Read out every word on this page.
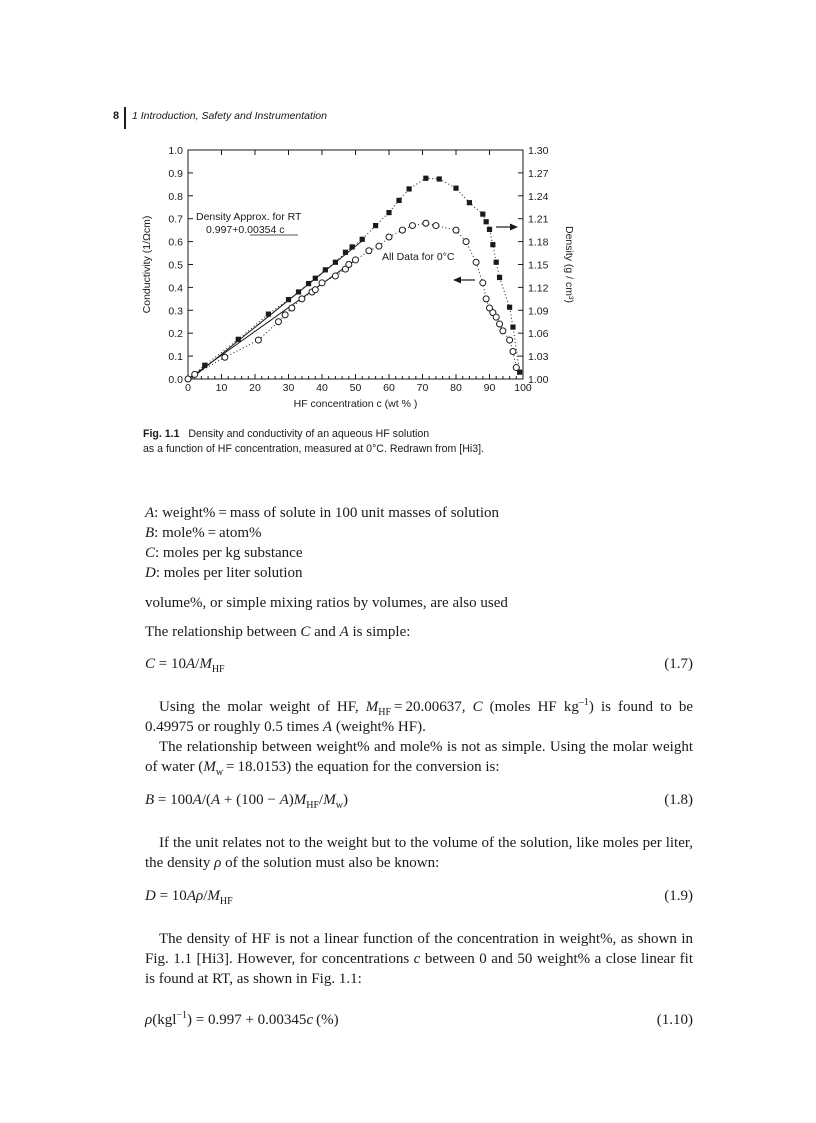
8 1 Introduction, Safety and Instrumentation
0 10 20 30 40 50 60 70 80 90 100
0.0
0.1
0.2
0.3
0.4
0.5
0.6
0.7
0.8
0.9
1.0
1.00
1.03
1.06
1.09
1.12
1.15
1.18
1.21
1.24
1.27
1.30
HF concentration c (wt % )
Conductivity (1/Ωcm)	Density (g / cm³)
Density Approx. for RT
0.997+0.00354 c
All Data for 0°C
Fig. 1.1 Density and conductivity of an aqueous HF solution
as a function of HF concentration, measured at 0°C. Redrawn from [Hi3].
A: weight% = mass of solute in 100 unit masses of solution
B: mole% = atom%
C: moles per kg substance
D: moles per liter solution
volume%, or simple mixing ratios by volumes, are also used
The relationship between C and A is simple:
$C = 10A/M_{HF}$	(1.7)
Using the molar weight of HF, $M_{HF} = 20.00637$, C (moles HF $kg^{-1}$) is found to be 0.49975 or roughly 0.5 times A (weight% HF).
The relationship between weight% and mole% is not as simple. Using the molar weight of water $(M_w = 18.0153)$ the equation for the conversion is:
$B = 100A/(A + (100 - A)M_{HF}/M_w)$	(1.8)
If the unit relates not to the weight but to the volume of the solution, like moles per liter, the density ρ of the solution must also be known:
$D = 10A\rho/M_{HF}$	(1.9)
The density of HF is not a linear function of the concentration in weight%, as shown in Fig. 1.1 [Hi3]. However, for concentrations c between 0 and 50 weight% a close linear fit is found at RT, as shown in Fig. 1.1:
ρ(kgl$^{-1}$) = 0.997 + 0.00345c (%)	(1.10)
